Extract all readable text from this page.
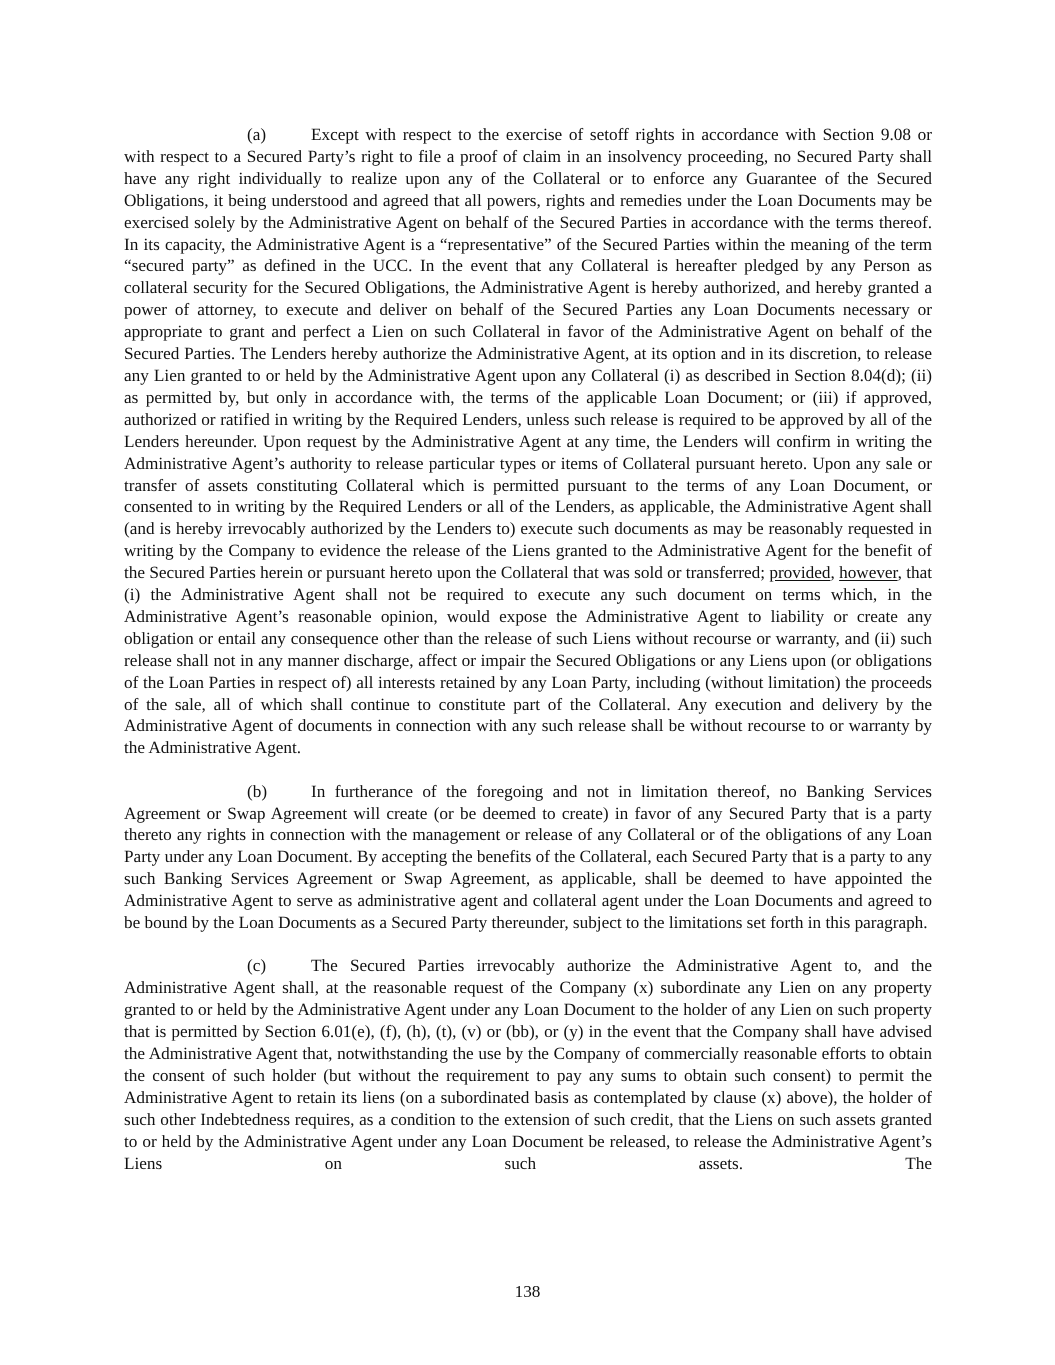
(a)	Except with respect to the exercise of setoff rights in accordance with Section 9.08 or with respect to a Secured Party’s right to file a proof of claim in an insolvency proceeding, no Secured Party shall have any right individually to realize upon any of the Collateral or to enforce any Guarantee of the Secured Obligations, it being understood and agreed that all powers, rights and remedies under the Loan Documents may be exercised solely by the Administrative Agent on behalf of the Secured Parties in accordance with the terms thereof. In its capacity, the Administrative Agent is a “representative” of the Secured Parties within the meaning of the term “secured party” as defined in the UCC. In the event that any Collateral is hereafter pledged by any Person as collateral security for the Secured Obligations, the Administrative Agent is hereby authorized, and hereby granted a power of attorney, to execute and deliver on behalf of the Secured Parties any Loan Documents necessary or appropriate to grant and perfect a Lien on such Collateral in favor of the Administrative Agent on behalf of the Secured Parties. The Lenders hereby authorize the Administrative Agent, at its option and in its discretion, to release any Lien granted to or held by the Administrative Agent upon any Collateral (i) as described in Section 8.04(d); (ii) as permitted by, but only in accordance with, the terms of the applicable Loan Document; or (iii) if approved, authorized or ratified in writing by the Required Lenders, unless such release is required to be approved by all of the Lenders hereunder. Upon request by the Administrative Agent at any time, the Lenders will confirm in writing the Administrative Agent’s authority to release particular types or items of Collateral pursuant hereto. Upon any sale or transfer of assets constituting Collateral which is permitted pursuant to the terms of any Loan Document, or consented to in writing by the Required Lenders or all of the Lenders, as applicable, the Administrative Agent shall (and is hereby irrevocably authorized by the Lenders to) execute such documents as may be reasonably requested in writing by the Company to evidence the release of the Liens granted to the Administrative Agent for the benefit of the Secured Parties herein or pursuant hereto upon the Collateral that was sold or transferred; provided, however, that (i) the Administrative Agent shall not be required to execute any such document on terms which, in the Administrative Agent’s reasonable opinion, would expose the Administrative Agent to liability or create any obligation or entail any consequence other than the release of such Liens without recourse or warranty, and (ii) such release shall not in any manner discharge, affect or impair the Secured Obligations or any Liens upon (or obligations of the Loan Parties in respect of) all interests retained by any Loan Party, including (without limitation) the proceeds of the sale, all of which shall continue to constitute part of the Collateral. Any execution and delivery by the Administrative Agent of documents in connection with any such release shall be without recourse to or warranty by the Administrative Agent.

(b)	In furtherance of the foregoing and not in limitation thereof, no Banking Services Agreement or Swap Agreement will create (or be deemed to create) in favor of any Secured Party that is a party thereto any rights in connection with the management or release of any Collateral or of the obligations of any Loan Party under any Loan Document. By accepting the benefits of the Collateral, each Secured Party that is a party to any such Banking Services Agreement or Swap Agreement, as applicable, shall be deemed to have appointed the Administrative Agent to serve as administrative agent and collateral agent under the Loan Documents and agreed to be bound by the Loan Documents as a Secured Party thereunder, subject to the limitations set forth in this paragraph.

(c)	The Secured Parties irrevocably authorize the Administrative Agent to, and the Administrative Agent shall, at the reasonable request of the Company (x) subordinate any Lien on any property granted to or held by the Administrative Agent under any Loan Document to the holder of any Lien on such property that is permitted by Section 6.01(e), (f), (h), (t), (v) or (bb), or (y) in the event that the Company shall have advised the Administrative Agent that, notwithstanding the use by the Company of commercially reasonable efforts to obtain the consent of such holder (but without the requirement to pay any sums to obtain such consent) to permit the Administrative Agent to retain its liens (on a subordinated basis as contemplated by clause (x) above), the holder of such other Indebtedness requires, as a condition to the extension of such credit, that the Liens on such assets granted to or held by the Administrative Agent under any Loan Document be released, to release the Administrative Agent’s Liens on such assets. The

138
